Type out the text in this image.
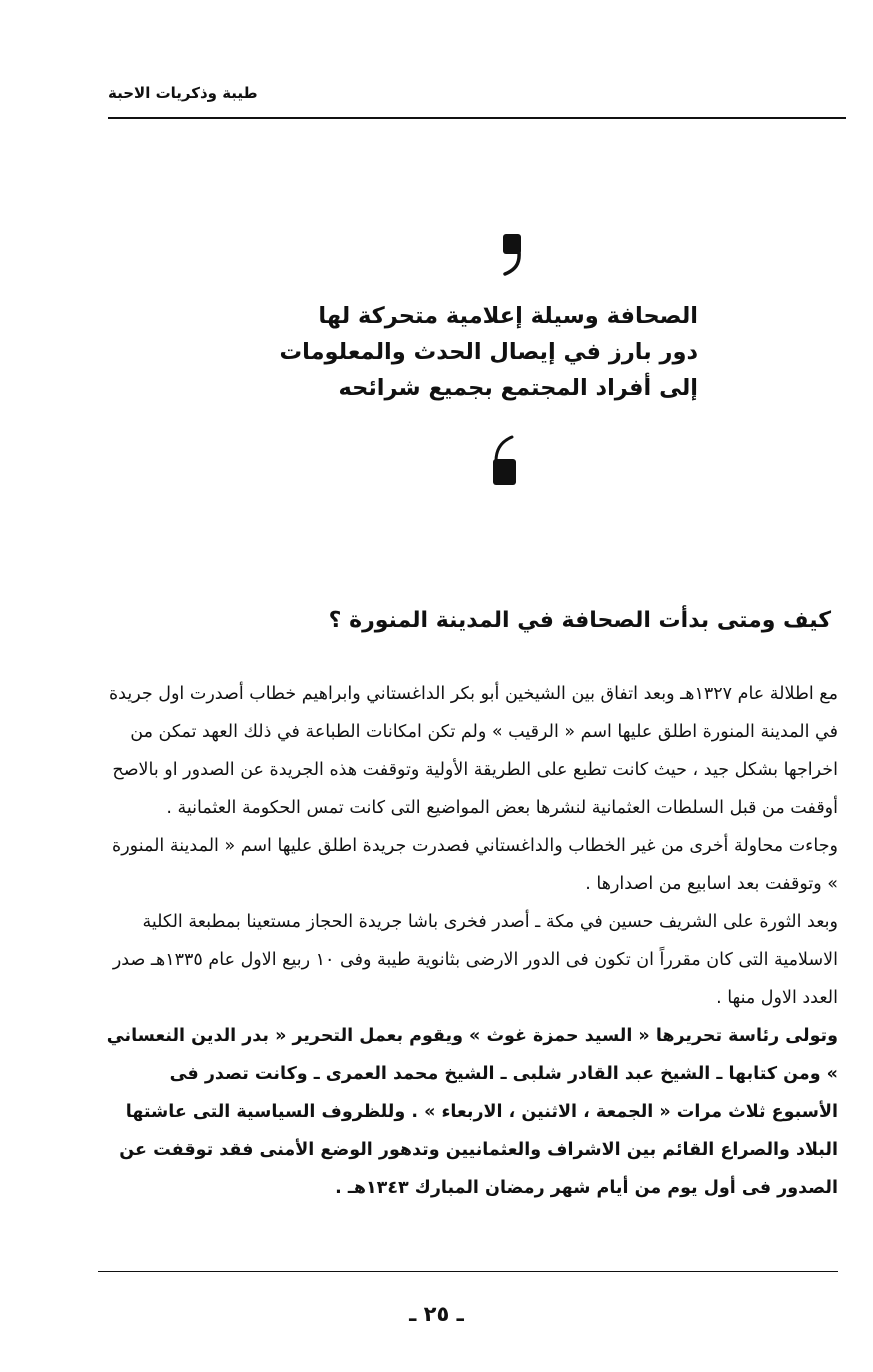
طيبة وذكريات الاحبة
الصحافة وسيلة إعلامية متحركة لها
دور بارز في إيصال الحدث والمعلومات
إلى أفراد المجتمع بجميع شرائحه
كيف ومتى بدأت الصحافة في المدينة المنورة ؟

مع اطلالة عام ١٣٢٧هـ وبعد اتفاق بين الشيخين أبو بكر الداغستاني وابراهيم خطاب أصدرت اول جريدة في المدينة المنورة اطلق عليها اسم « الرقيب » ولم تكن امكانات الطباعة في ذلك العهد تمكن من اخراجها بشكل جيد ، حيث كانت تطبع على الطريقة الأولية وتوقفت هذه الجريدة عن الصدور او بالاصح أوقفت من قبل السلطات العثمانية لنشرها بعض المواضيع التى كانت تمس الحكومة العثمانية .

وجاءت محاولة أخرى من غير الخطاب والداغستاني فصدرت جريدة اطلق عليها اسم « المدينة المنورة » وتوقفت بعد اسابيع من اصدارها .

وبعد الثورة على الشريف حسين في مكة ـ أصدر فخرى باشا جريدة الحجاز مستعينا بمطبعة الكلية الاسلامية التى كان مقرراً ان تكون فى الدور الارضى بثانوية طيبة وفى ١٠ ربيع الاول عام ١٣٣٥هـ صدر العدد الاول منها .

وتولى رئاسة تحريرها « السيد حمزة غوث » ويقوم بعمل التحرير « بدر الدين النعساني » ومن كتابها ـ الشيخ عبد القادر شلبى ـ الشيخ محمد العمرى ـ وكانت تصدر فى الأسبوع ثلاث مرات « الجمعة ، الاثنين ، الاربعاء » . وللظروف السياسية التى عاشتها البلاد والصراع القائم بين الاشراف والعثمانيين وتدهور الوضع الأمنى فقد توقفت عن الصدور فى أول يوم من أيام شهر رمضان المبارك ١٣٤٣هـ .

ـ ٢٥ ـ
